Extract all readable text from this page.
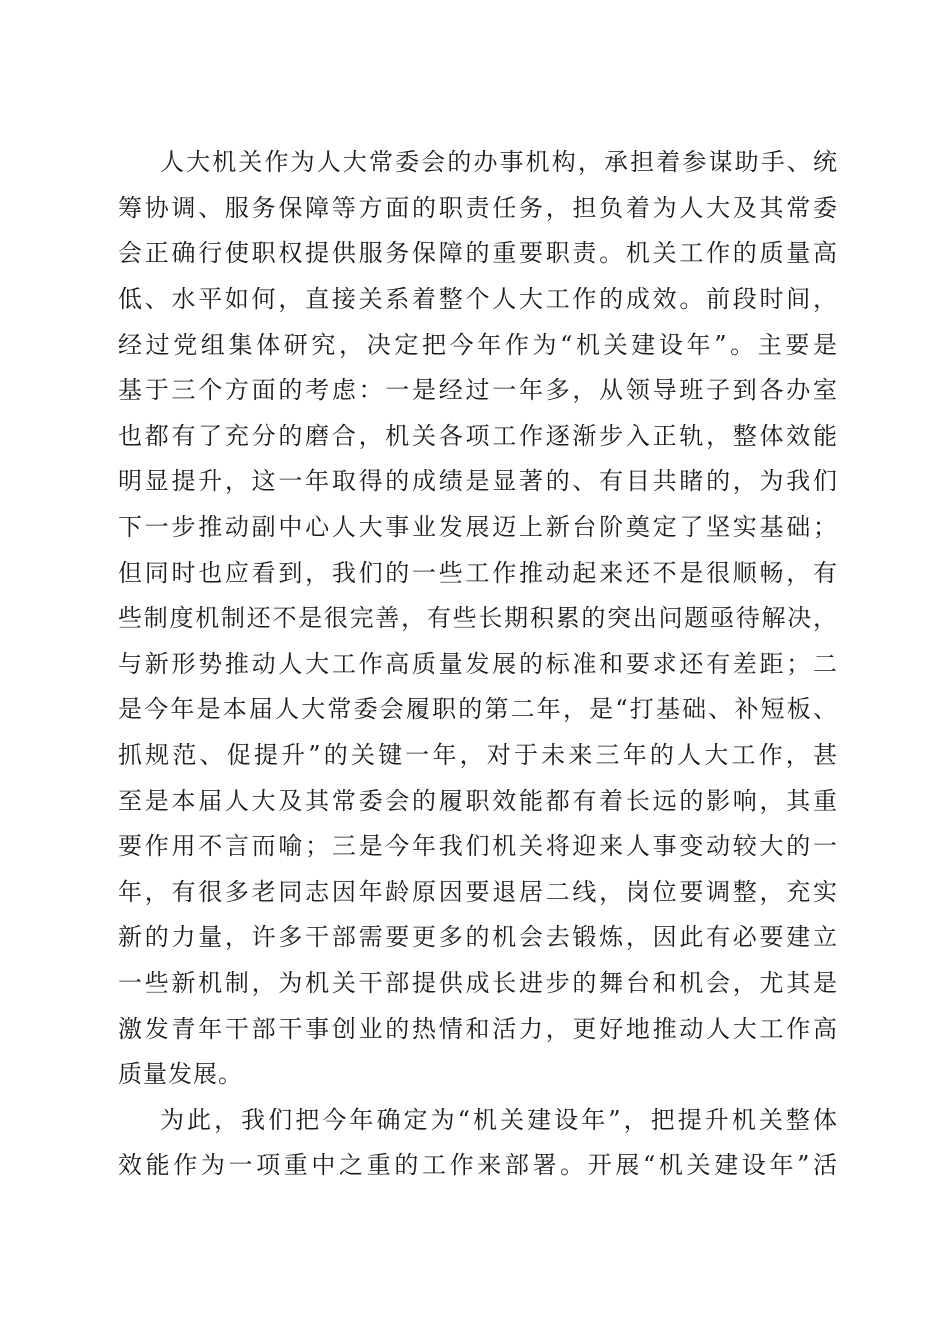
人大机关作为人大常委会的办事机构，承担着参谋助手、统
筹协调、服务保障等方面的职责任务，担负着为人大及其常委
会正确行使职权提供服务保障的重要职责。机关工作的质量高
低、水平如何，直接关系着整个人大工作的成效。前段时间，
经过党组集体研究，决定把今年作为“机关建设年”。主要是
基于三个方面的考虑：一是经过一年多，从领导班子到各办室
也都有了充分的磨合，机关各项工作逐渐步入正轨，整体效能
明显提升，这一年取得的成绩是显著的、有目共睹的，为我们
下一步推动副中心人大事业发展迈上新台阶奠定了坚实基础；
但同时也应看到，我们的一些工作推动起来还不是很顺畅，有
些制度机制还不是很完善，有些长期积累的突出问题亟待解决，
与新形势推动人大工作高质量发展的标准和要求还有差距；二
是今年是本届人大常委会履职的第二年，是“打基础、补短板、
抓规范、促提升”的关键一年，对于未来三年的人大工作，甚
至是本届人大及其常委会的履职效能都有着长远的影响，其重
要作用不言而喻；三是今年我们机关将迎来人事变动较大的一
年，有很多老同志因年龄原因要退居二线，岗位要调整，充实
新的力量，许多干部需要更多的机会去锻炼，因此有必要建立
一些新机制，为机关干部提供成长进步的舞台和机会，尤其是
激发青年干部干事创业的热情和活力，更好地推动人大工作高
质量发展。
为此，我们把今年确定为“机关建设年”，把提升机关整体
效能作为一项重中之重的工作来部署。开展“机关建设年”活
